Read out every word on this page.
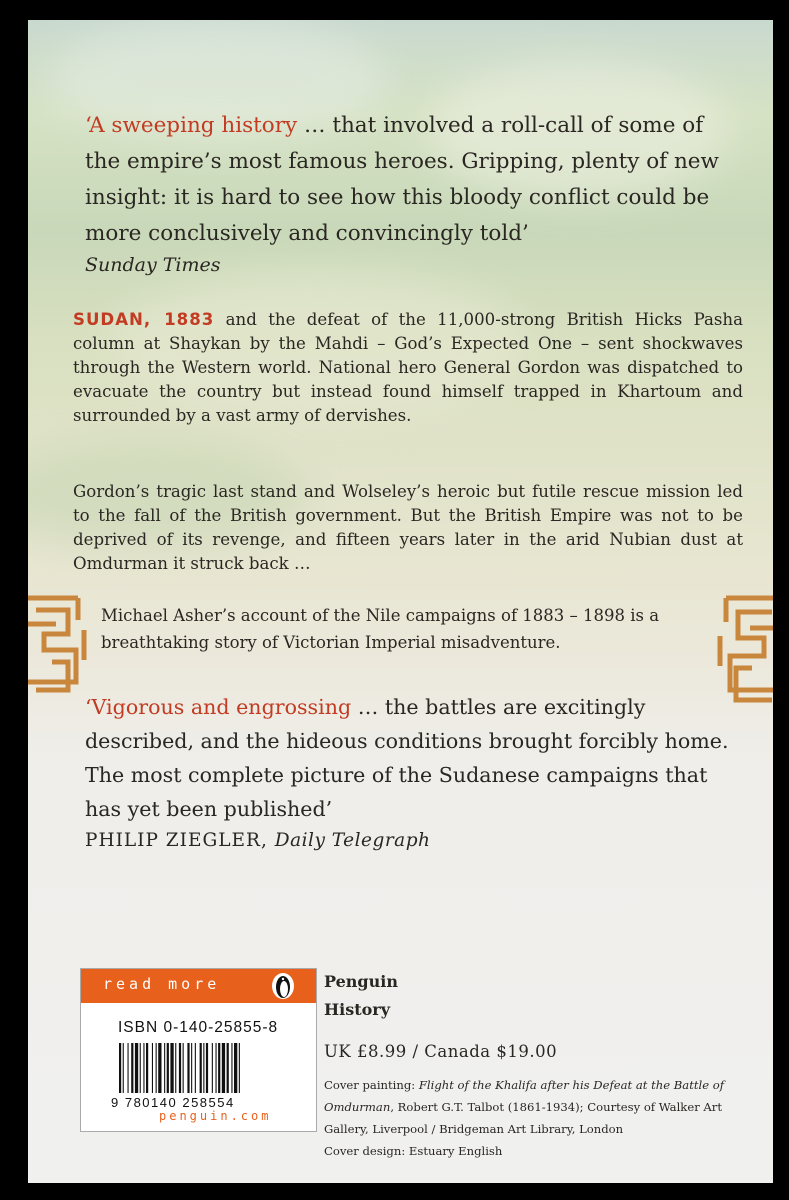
‘A sweeping history … that involved a roll-call of some of the empire’s most famous heroes. Gripping, plenty of new insight: it is hard to see how this bloody conflict could be more conclusively and convincingly told’
Sunday Times
SUDAN, 1883 and the defeat of the 11,000-strong British Hicks Pasha column at Shaykan by the Mahdi – God’s Expected One – sent shockwaves through the Western world. National hero General Gordon was dispatched to evacuate the country but instead found himself trapped in Khartoum and surrounded by a vast army of dervishes.
Gordon’s tragic last stand and Wolseley’s heroic but futile rescue mission led to the fall of the British government. But the British Empire was not to be deprived of its revenge, and fifteen years later in the arid Nubian dust at Omdurman it struck back …
Michael Asher’s account of the Nile campaigns of 1883 – 1898 is a breathtaking story of Victorian Imperial misadventure.
‘Vigorous and engrossing … the battles are excitingly described, and the hideous conditions brought forcibly home. The most complete picture of the Sudanese campaigns that has yet been published’
PHILIP ZIEGLER, Daily Telegraph
read more
ISBN 0-140-25855-8
9 780140 258554
penguin.com
Penguin
History
UK £8.99 / Canada $19.00
Cover painting: Flight of the Khalifa after his Defeat at the Battle of Omdurman, Robert G.T. Talbot (1861-1934); Courtesy of Walker Art Gallery, Liverpool / Bridgeman Art Library, London
Cover design: Estuary English
